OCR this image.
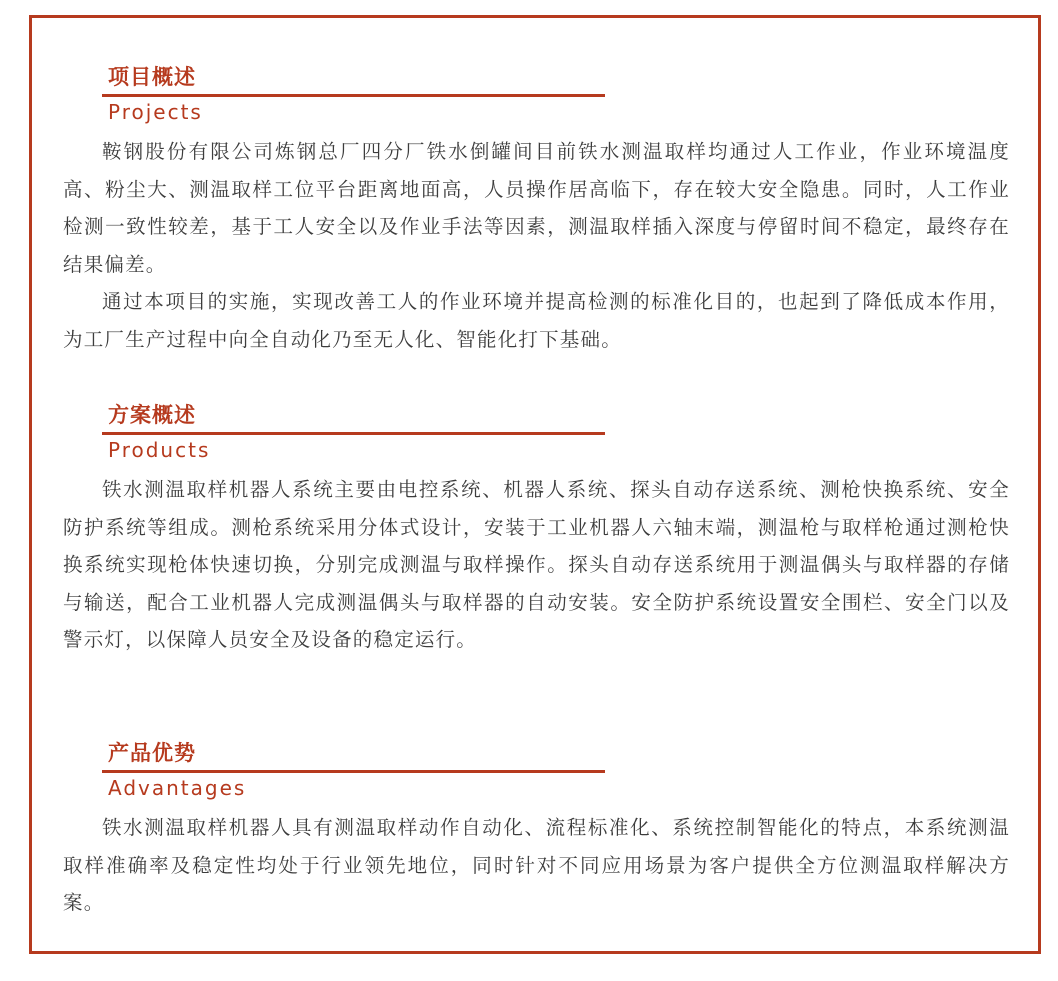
项目概述
Projects

鞍钢股份有限公司炼钢总厂四分厂铁水倒罐间目前铁水测温取样均通过人工作业，作业环境温度高、粉尘大、测温取样工位平台距离地面高，人员操作居高临下，存在较大安全隐患。同时，人工作业检测一致性较差，基于工人安全以及作业手法等因素，测温取样插入深度与停留时间不稳定，最终存在结果偏差。

通过本项目的实施，实现改善工人的作业环境并提高检测的标准化目的，也起到了降低成本作用，为工厂生产过程中向全自动化乃至无人化、智能化打下基础。

方案概述
Products

铁水测温取样机器人系统主要由电控系统、机器人系统、探头自动存送系统、测枪快换系统、安全防护系统等组成。测枪系统采用分体式设计，安装于工业机器人六轴末端，测温枪与取样枪通过测枪快换系统实现枪体快速切换，分别完成测温与取样操作。探头自动存送系统用于测温偶头与取样器的存储与输送，配合工业机器人完成测温偶头与取样器的自动安装。安全防护系统设置安全围栏、安全门以及警示灯，以保障人员安全及设备的稳定运行。

产品优势
Advantages

铁水测温取样机器人具有测温取样动作自动化、流程标准化、系统控制智能化的特点，本系统测温取样准确率及稳定性均处于行业领先地位，同时针对不同应用场景为客户提供全方位测温取样解决方案。
